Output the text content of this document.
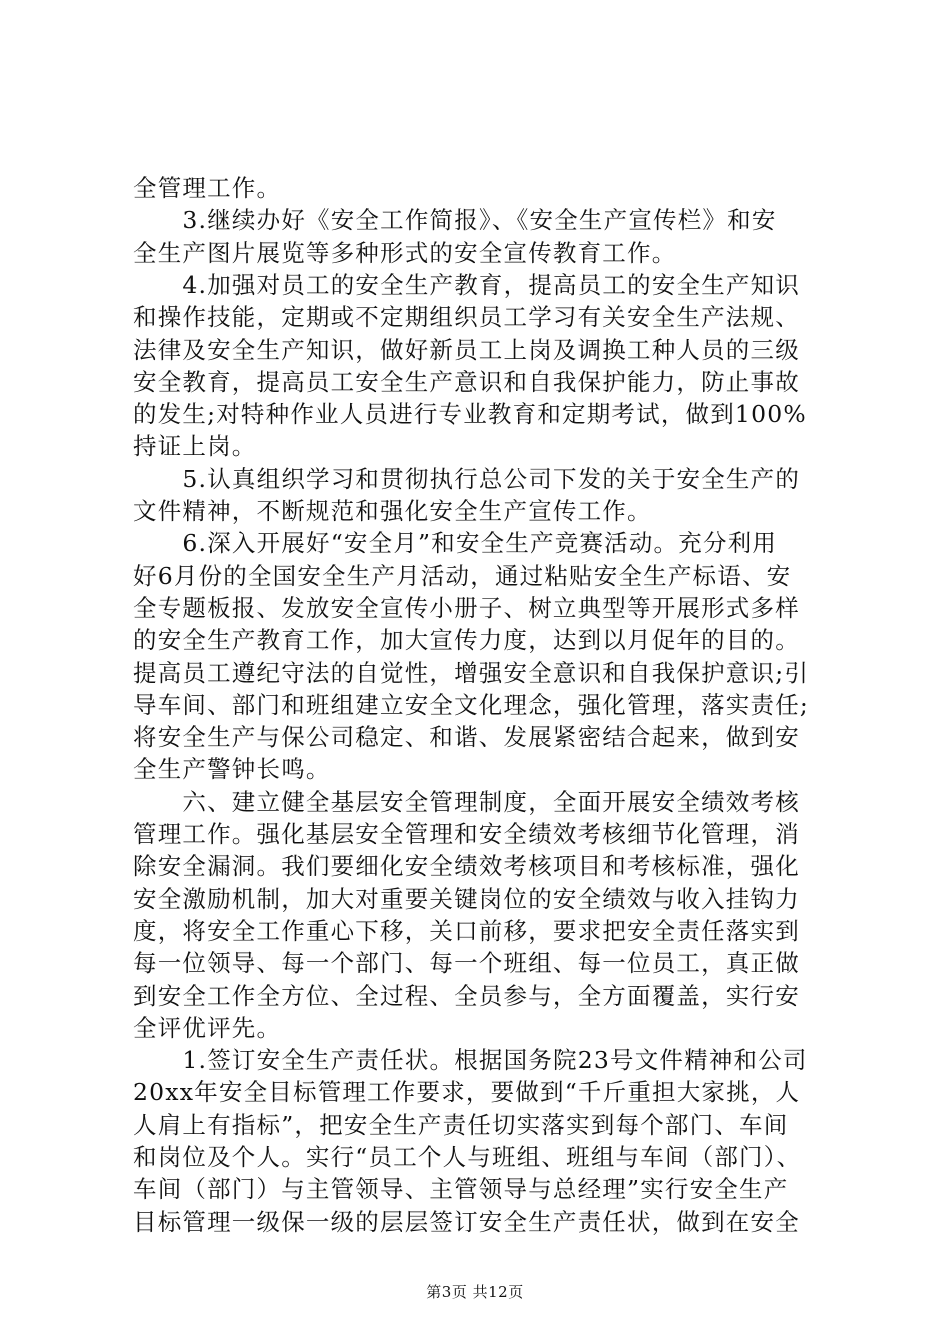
全管理工作。
　　3.继续办好《安全工作简报》、《安全生产宣传栏》和安
全生产图片展览等多种形式的安全宣传教育工作。
　　4.加强对员工的安全生产教育，提高员工的安全生产知识
和操作技能，定期或不定期组织员工学习有关安全生产法规、
法律及安全生产知识，做好新员工上岗及调换工种人员的三级
安全教育，提高员工安全生产意识和自我保护能力，防止事故
的发生;对特种作业人员进行专业教育和定期考试，做到100%
持证上岗。
　　5.认真组织学习和贯彻执行总公司下发的关于安全生产的
文件精神，不断规范和强化安全生产宣传工作。
　　6.深入开展好“安全月”和安全生产竞赛活动。充分利用
好6月份的全国安全生产月活动，通过粘贴安全生产标语、安
全专题板报、发放安全宣传小册子、树立典型等开展形式多样
的安全生产教育工作，加大宣传力度，达到以月促年的目的。
提高员工遵纪守法的自觉性，增强安全意识和自我保护意识;引
导车间、部门和班组建立安全文化理念，强化管理，落实责任;
将安全生产与保公司稳定、和谐、发展紧密结合起来，做到安
全生产警钟长鸣。
　　六、建立健全基层安全管理制度，全面开展安全绩效考核
管理工作。强化基层安全管理和安全绩效考核细节化管理，消
除安全漏洞。我们要细化安全绩效考核项目和考核标准，强化
安全激励机制，加大对重要关键岗位的安全绩效与收入挂钩力
度，将安全工作重心下移，关口前移，要求把安全责任落实到
每一位领导、每一个部门、每一个班组、每一位员工，真正做
到安全工作全方位、全过程、全员参与，全方面覆盖，实行安
全评优评先。
　　1.签订安全生产责任状。根据国务院23号文件精神和公司
20xx年安全目标管理工作要求，要做到“千斤重担大家挑，人
人肩上有指标”，把安全生产责任切实落实到每个部门、车间
和岗位及个人。实行“员工个人与班组、班组与车间（部门）、
车间（部门）与主管领导、主管领导与总经理”实行安全生产
目标管理一级保一级的层层签订安全生产责任状，做到在安全
第3页 共12页
